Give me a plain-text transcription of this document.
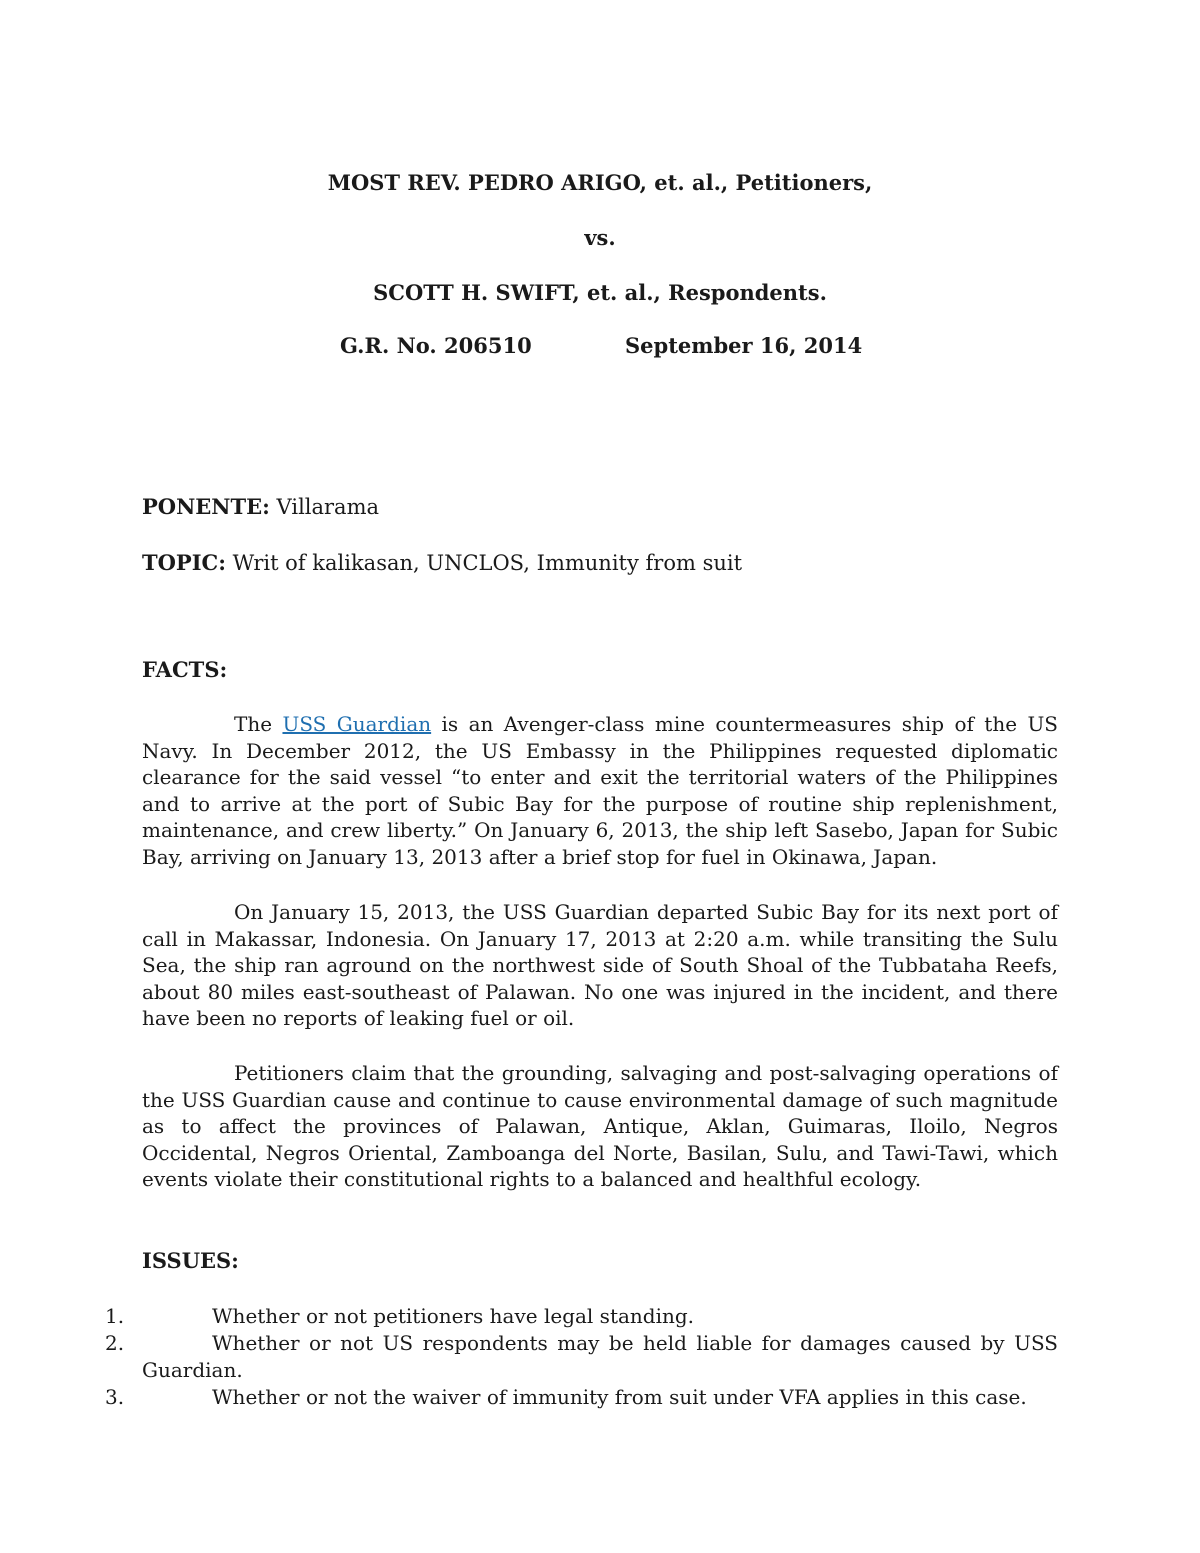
MOST REV. PEDRO ARIGO, et. al., Petitioners,
vs.
SCOTT H. SWIFT, et. al., Respondents.
G.R. No. 206510	September 16, 2014
PONENTE: Villarama
TOPIC: Writ of kalikasan, UNCLOS, Immunity from suit
FACTS:

The USS Guardian is an Avenger-class mine countermeasures ship of the US Navy. In December 2012, the US Embassy in the Philippines requested diplomatic clearance for the said vessel “to enter and exit the territorial waters of the Philippines and to arrive at the port of Subic Bay for the purpose of routine ship replenishment, maintenance, and crew liberty.” On January 6, 2013, the ship left Sasebo, Japan for Subic Bay, arriving on January 13, 2013 after a brief stop for fuel in Okinawa, Japan.

On January 15, 2013, the USS Guardian departed Subic Bay for its next port of call in Makassar, Indonesia. On January 17, 2013 at 2:20 a.m. while transiting the Sulu Sea, the ship ran aground on the northwest side of South Shoal of the Tubbataha Reefs, about 80 miles east-southeast of Palawan. No one was injured in the incident, and there have been no reports of leaking fuel or oil.

Petitioners claim that the grounding, salvaging and post-salvaging operations of the USS Guardian cause and continue to cause environmental damage of such magnitude as to affect the provinces of Palawan, Antique, Aklan, Guimaras, Iloilo, Negros Occidental, Negros Oriental, Zamboanga del Norte, Basilan, Sulu, and Tawi-Tawi, which events violate their constitutional rights to a balanced and healthful ecology.

ISSUES:
1.	Whether or not petitioners have legal standing.
2.	Whether or not US respondents may be held liable for damages caused by USS Guardian.
3.	Whether or not the waiver of immunity from suit under VFA applies in this case.
